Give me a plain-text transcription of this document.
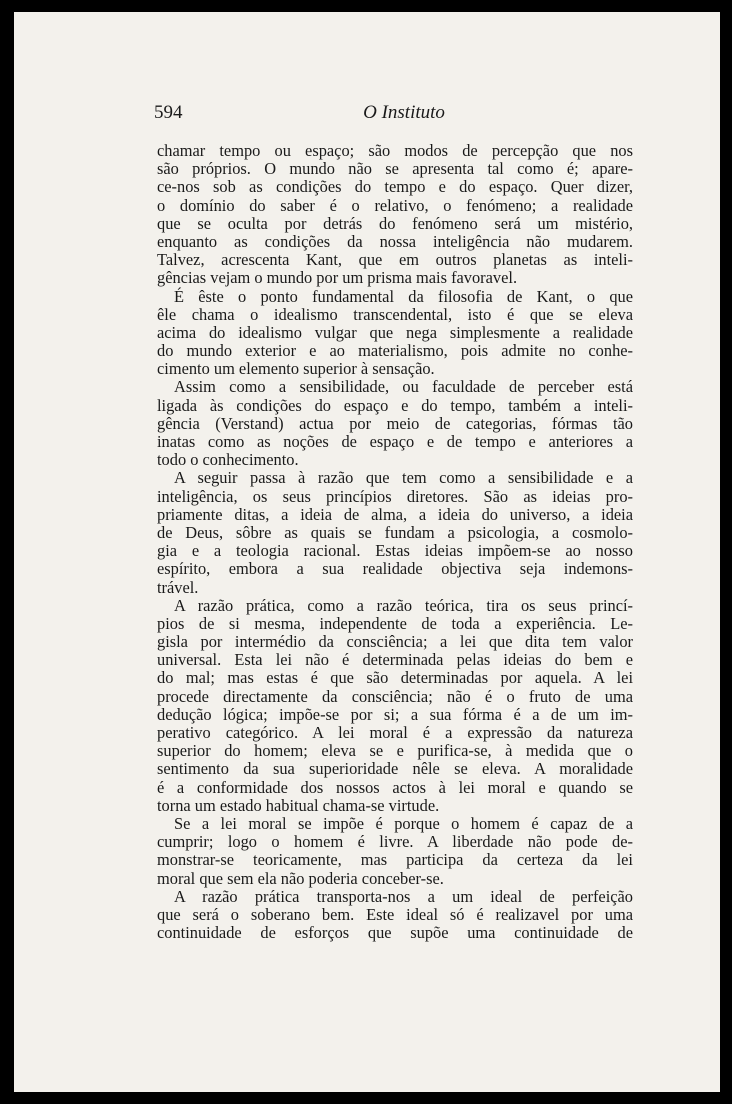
594	O Instituto
chamar tempo ou espaço; são modos de percepção que nos
são próprios. O mundo não se apresenta tal como é; apare-
ce-nos sob as condições do tempo e do espaço. Quer dizer,
o domínio do saber é o relativo, o fenómeno; a realidade
que se oculta por detrás do fenómeno será um mistério,
enquanto as condições da nossa inteligência não mudarem.
Talvez, acrescenta Kant, que em outros planetas as inteli-
gências vejam o mundo por um prisma mais favoravel.
É êste o ponto fundamental da filosofia de Kant, o que
êle chama o idealismo transcendental, isto é que se eleva
acima do idealismo vulgar que nega simplesmente a realidade
do mundo exterior e ao materialismo, pois admite no conhe-
cimento um elemento superior à sensação.
Assim como a sensibilidade, ou faculdade de perceber está
ligada às condições do espaço e do tempo, também a inteli-
gência (Verstand) actua por meio de categorias, fórmas tão
inatas como as noções de espaço e de tempo e anteriores a
todo o conhecimento.
A seguir passa à razão que tem como a sensibilidade e a
inteligência, os seus princípios diretores. São as ideias pro-
priamente ditas, a ideia de alma, a ideia do universo, a ideia
de Deus, sôbre as quais se fundam a psicologia, a cosmolo-
gia e a teologia racional. Estas ideias impõem-se ao nosso
espírito, embora a sua realidade objectiva seja indemons-
trável.
A razão prática, como a razão teórica, tira os seus princí-
pios de si mesma, independente de toda a experiência. Le-
gisla por intermédio da consciência; a lei que dita tem valor
universal. Esta lei não é determinada pelas ideias do bem e
do mal; mas estas é que são determinadas por aquela. A lei
procede directamente da consciência; não é o fruto de uma
dedução lógica; impõe-se por si; a sua fórma é a de um im-
perativo categórico. A lei moral é a expressão da natureza
superior do homem; eleva se e purifica-se, à medida que o
sentimento da sua superioridade nêle se eleva. A moralidade
é a conformidade dos nossos actos à lei moral e quando se
torna um estado habitual chama-se virtude.
Se a lei moral se impõe é porque o homem é capaz de a
cumprir; logo o homem é livre. A liberdade não pode de-
monstrar-se teoricamente, mas participa da certeza da lei
moral que sem ela não poderia conceber-se.
A razão prática transporta-nos a um ideal de perfeição
que será o soberano bem. Este ideal só é realizavel por uma
continuidade de esforços que supõe uma continuidade de
